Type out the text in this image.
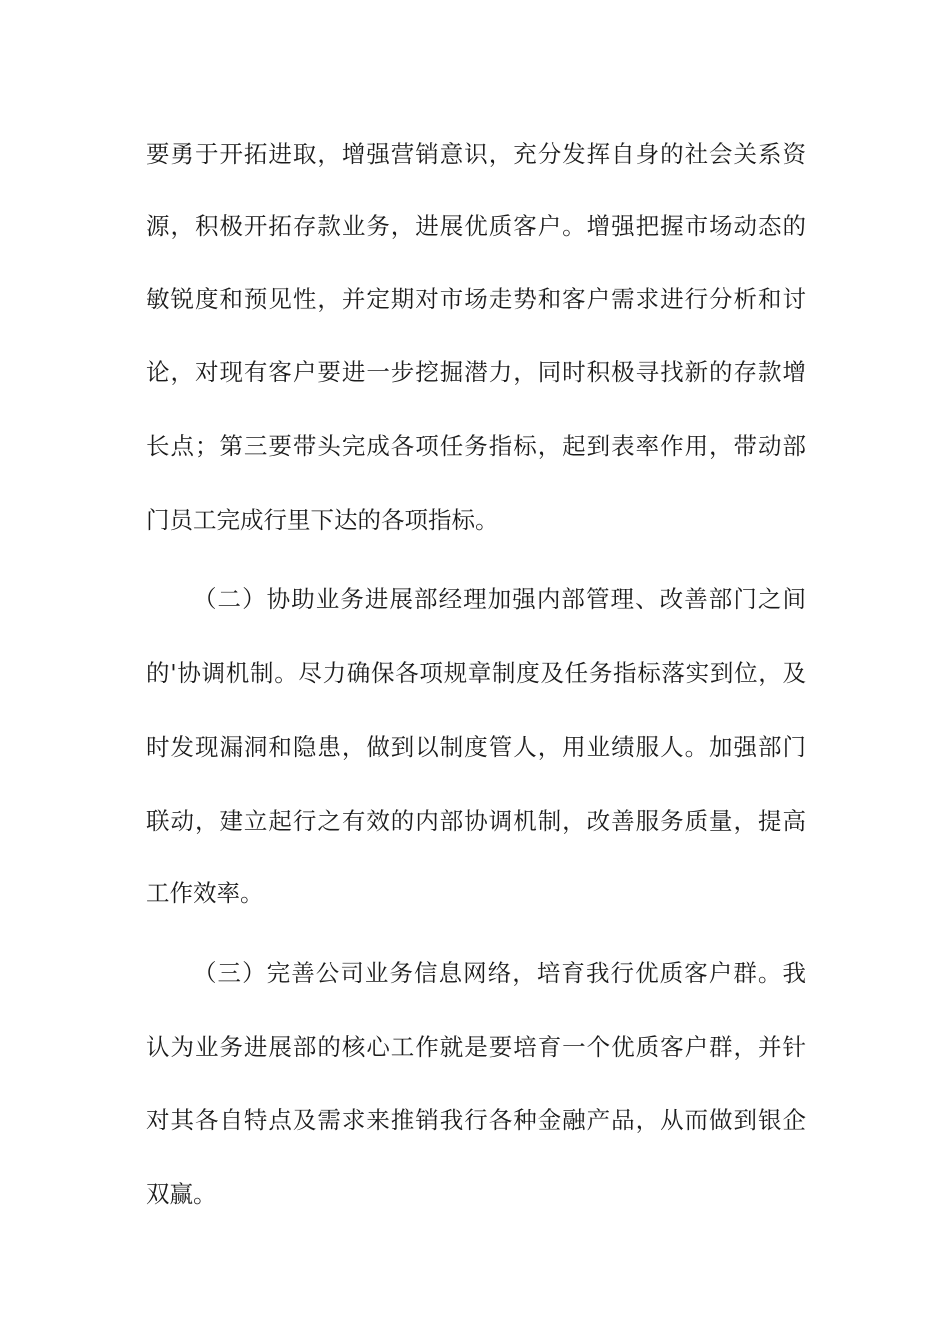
要勇于开拓进取，增强营销意识，充分发挥自身的社会关系资
源，积极开拓存款业务，进展优质客户。增强把握市场动态的
敏锐度和预见性，并定期对市场走势和客户需求进行分析和讨
论，对现有客户要进一步挖掘潜力，同时积极寻找新的存款增
长点；第三要带头完成各项任务指标，起到表率作用，带动部
门员工完成行里下达的各项指标。
（二）协助业务进展部经理加强内部管理、改善部门之间
的'协调机制。尽力确保各项规章制度及任务指标落实到位，及
时发现漏洞和隐患，做到以制度管人，用业绩服人。加强部门
联动，建立起行之有效的内部协调机制，改善服务质量，提高
工作效率。
（三）完善公司业务信息网络，培育我行优质客户群。我
认为业务进展部的核心工作就是要培育一个优质客户群，并针
对其各自特点及需求来推销我行各种金融产品，从而做到银企
双赢。
